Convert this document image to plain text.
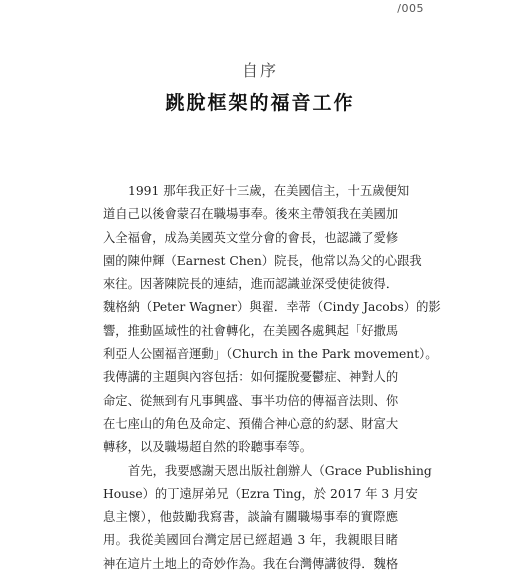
/005
自序
跳脫框架的福音工作

1991 那年我正好十三歲，在美國信主，十五歲便知

道自己以後會蒙召在職場事奉。後來主帶領我在美國加

入全福會，成為美國英文堂分會的會長，也認識了愛修

園的陳仲輝（Earnest Chen）院長，他常以為父的心跟我

來往。因著陳院長的連結，進而認識並深受使徒彼得．

魏格納（Peter Wagner）與翟．幸蒂（Cindy Jacobs）的影

響，推動區域性的社會轉化，在美國各處興起「好撒馬

利亞人公園福音運動」（Church in the Park movement）。

我傳講的主題與內容包括：如何擺脫憂鬱症、神對人的

命定、從無到有凡事興盛、事半功倍的傳福音法則、你

在七座山的角色及命定、預備合神心意的約瑟、財富大

轉移，以及職場超自然的聆聽事奉等。

首先，我要感謝天恩出版社創辦人（Grace Publishing

House）的丁遠屏弟兄（Ezra Ting，於 2017 年 3 月安

息主懷），他鼓勵我寫書，談論有關職場事奉的實際應

用。我從美國回台灣定居已經超過 3 年，我親眼目睹

神在這片土地上的奇妙作為。我在台灣傳講彼得．魏格
